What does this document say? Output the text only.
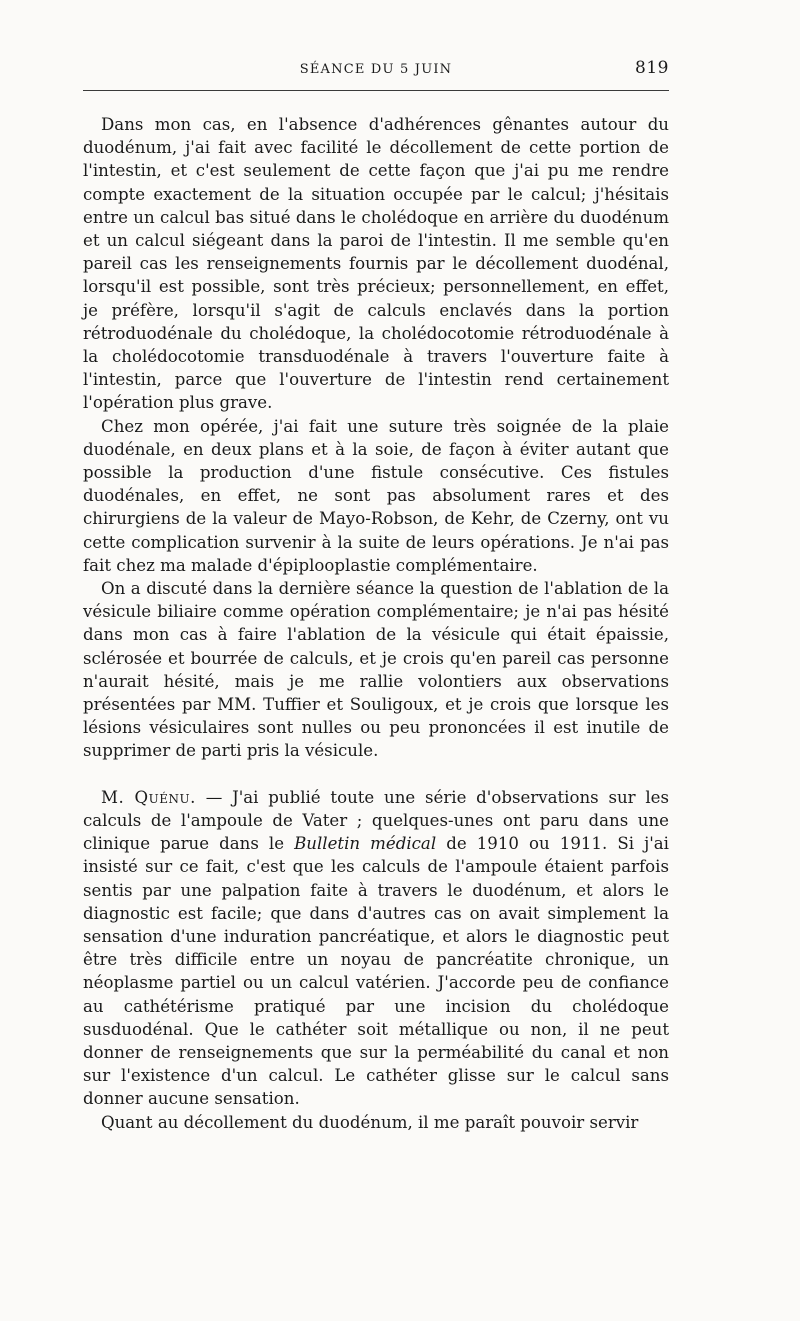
SÉANCE DU 5 JUIN	819

Dans mon cas, en l'absence d'adhérences gênantes autour du duodénum, j'ai fait avec facilité le décollement de cette portion de l'intestin, et c'est seulement de cette façon que j'ai pu me rendre compte exactement de la situation occupée par le calcul; j'hésitais entre un calcul bas situé dans le cholédoque en arrière du duodénum et un calcul siégeant dans la paroi de l'intestin. Il me semble qu'en pareil cas les renseignements fournis par le décollement duodénal, lorsqu'il est possible, sont très précieux; personnellement, en effet, je préfère, lorsqu'il s'agit de calculs enclavés dans la portion rétroduodénale du cholédoque, la cholédocotomie rétroduodénale à la cholédocotomie transduodénale à travers l'ouverture faite à l'intestin, parce que l'ouverture de l'intestin rend certainement l'opération plus grave.

Chez mon opérée, j'ai fait une suture très soignée de la plaie duodénale, en deux plans et à la soie, de façon à éviter autant que possible la production d'une fistule consécutive. Ces fistules duodénales, en effet, ne sont pas absolument rares et des chirurgiens de la valeur de Mayo-Robson, de Kehr, de Czerny, ont vu cette complication survenir à la suite de leurs opérations. Je n'ai pas fait chez ma malade d'épiplooplastie complémentaire.

On a discuté dans la dernière séance la question de l'ablation de la vésicule biliaire comme opération complémentaire; je n'ai pas hésité dans mon cas à faire l'ablation de la vésicule qui était épaissie, sclérosée et bourrée de calculs, et je crois qu'en pareil cas personne n'aurait hésité, mais je me rallie volontiers aux observations présentées par MM. Tuffier et Souligoux, et je crois que lorsque les lésions vésiculaires sont nulles ou peu prononcées il est inutile de supprimer de parti pris la vésicule.

M. Quénu. — J'ai publié toute une série d'observations sur les calculs de l'ampoule de Vater ; quelques-unes ont paru dans une clinique parue dans le Bulletin médical de 1910 ou 1911. Si j'ai insisté sur ce fait, c'est que les calculs de l'ampoule étaient parfois sentis par une palpation faite à travers le duodénum, et alors le diagnostic est facile; que dans d'autres cas on avait simplement la sensation d'une induration pancréatique, et alors le diagnostic peut être très difficile entre un noyau de pancréatite chronique, un néoplasme partiel ou un calcul vatérien. J'accorde peu de confiance au cathétérisme pratiqué par une incision du cholédoque susduodénal. Que le cathéter soit métallique ou non, il ne peut donner de renseignements que sur la perméabilité du canal et non sur l'existence d'un calcul. Le cathéter glisse sur le calcul sans donner aucune sensation.

Quant au décollement du duodénum, il me paraît pouvoir servir
